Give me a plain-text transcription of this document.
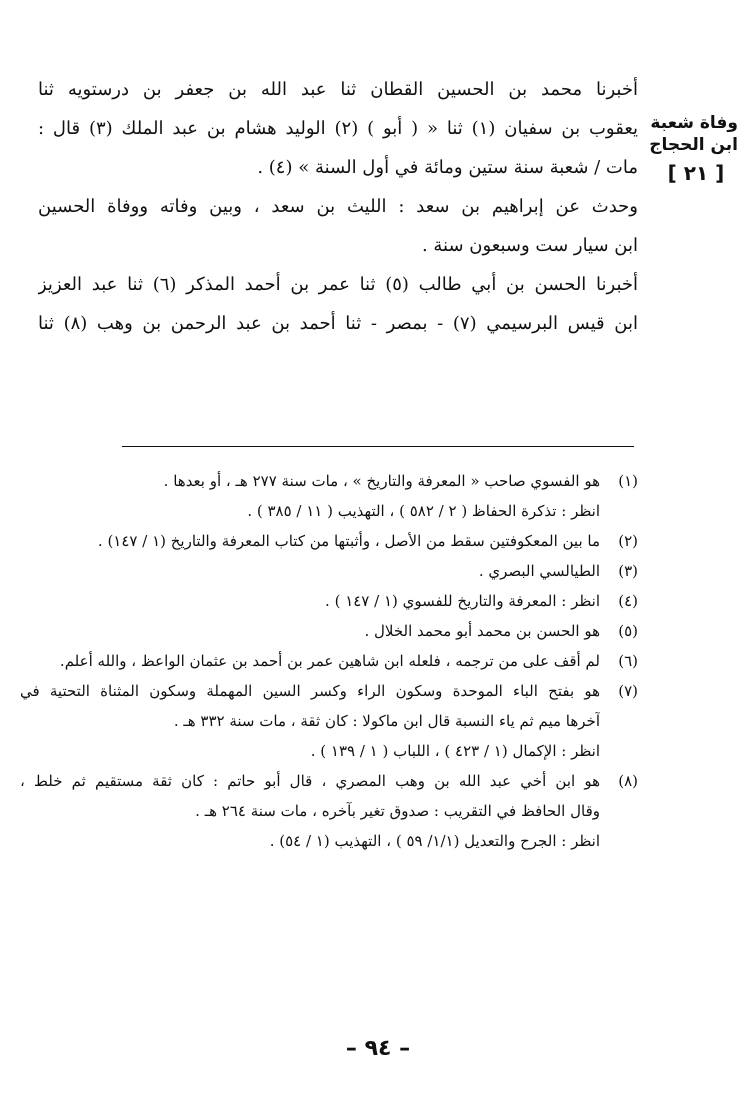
وفاة شعبة
ابن الحجاج
[ ٢١ ]

أخبرنا محمد بن الحسين القطان ثنا عبد الله بن جعفر بن درستويه ثنا
يعقوب بن سفيان (١) ثنا « ( أبو ) (٢) الوليد هشام بن عبد الملك (٣) قال :
مات / شعبة سنة ستين ومائة في أول السنة » (٤) .

وحدث عن إبراهيم بن سعد : الليث بن سعد ، وبين وفاته ووفاة الحسين
ابن سيار ست وسبعون سنة .

أخبرنا الحسن بن أبي طالب (٥) ثنا عمر بن أحمد المذكر (٦) ثنا عبد العزيز
ابن قيس البرسيمي (٧) - بمصر - ثنا أحمد بن عبد الرحمن بن وهب (٨) ثنا

(١)
هو الفسوي صاحب « المعرفة والتاريخ » ، مات سنة ٢٧٧ هـ ، أو بعدها .
انظر : تذكرة الحفاظ ( ٢ / ٥٨٢ ) ، التهذيب ( ١١ / ٣٨٥ ) .
(٢)
ما بين المعكوفتين سقط من الأصل ، وأثبتها من كتاب المعرفة والتاريخ (١ / ١٤٧) .
(٣)
الطيالسي البصري .
(٤)
انظر : المعرفة والتاريخ للفسوي (١ / ١٤٧ ) .
(٥)
هو الحسن بن محمد أبو محمد الخلال .
(٦)
لم أقف على من ترجمه ، فلعله ابن شاهين عمر بن أحمد بن عثمان الواعظ ، والله أعلم.
(٧)
هو بفتح الباء الموحدة وسكون الراء وكسر السين المهملة وسكون المثناة التحتية في
آخرها ميم ثم ياء النسبة قال ابن ماكولا : كان ثقة ، مات سنة ٣٣٢ هـ .
انظر : الإكمال (١ / ٤٢٣ ) ، اللباب ( ١ / ١٣٩ ) .
(٨)
هو ابن أخي عبد الله بن وهب المصري ، قال أبو حاتم : كان ثقة مستقيم ثم خلط ،
وقال الحافظ في التقريب : صدوق تغير بآخره ، مات سنة ٢٦٤ هـ .
انظر : الجرح والتعديل (١/١/ ٥٩ ) ، التهذيب (١ / ٥٤) .
– ٩٤ –
